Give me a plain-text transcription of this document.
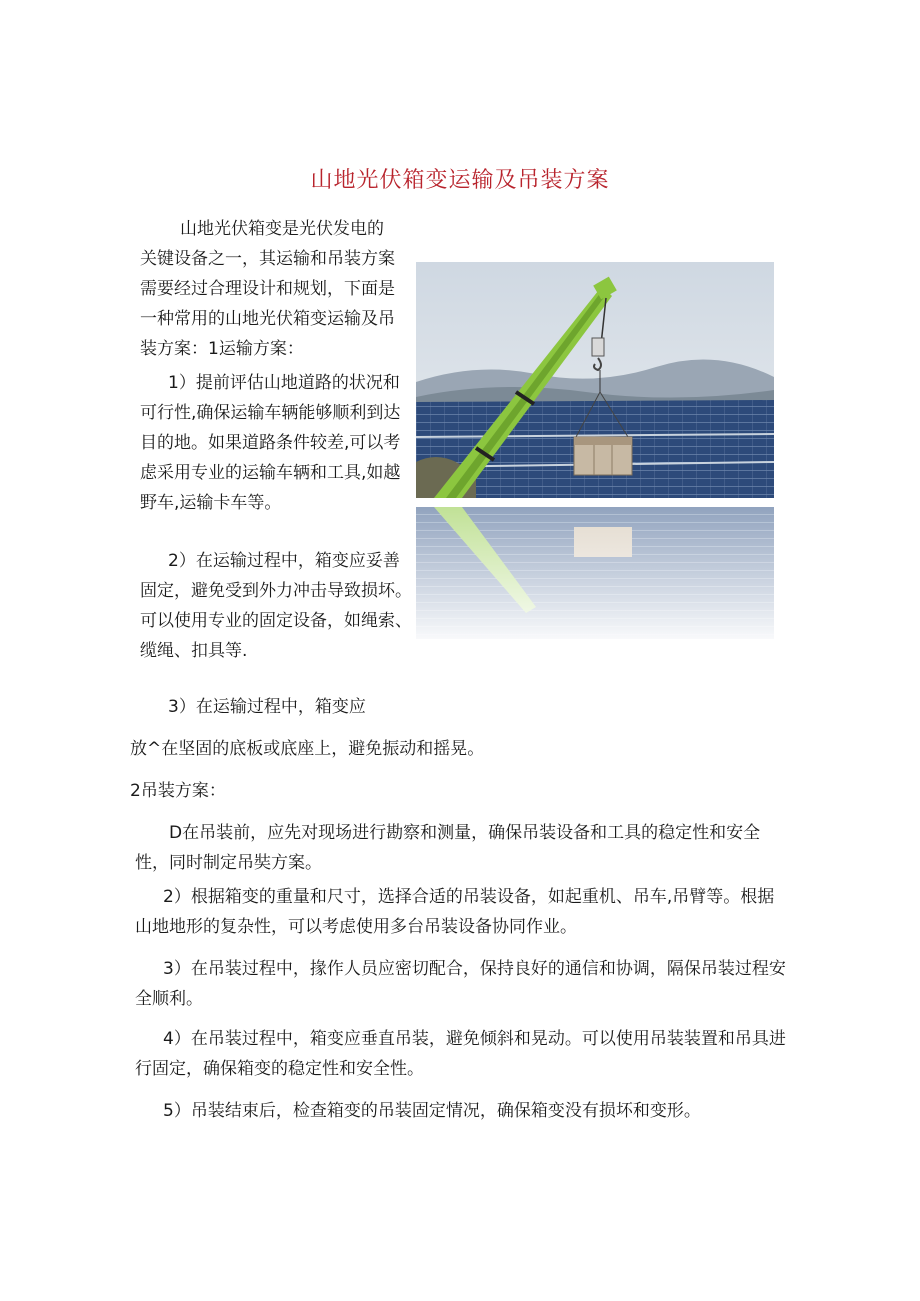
山地光伏箱变运输及吊装方案
山地光伏箱变是光伏发电的
关键设备之一，其运输和吊装方案
需要经过合理设计和规划，下面是
一种常用的山地光伏箱变运输及吊
装方案：1运输方案：
1）提前评估山地道路的状况和
可行性,确保运输车辆能够顺利到达
目的地。如果道路条件较差,可以考
虑采用专业的运输车辆和工具,如越
野车,运输卡车等。
2）在运输过程中，箱变应妥善
固定，避免受到外力冲击导致损坏。
可以使用专业的固定设备，如绳索、
缆绳、扣具等.
3）在运输过程中，箱变应
放^在坚固的底板或底座上，避免振动和摇晃。
2吊装方案：
D在吊装前，应先对现场进行勘察和测量，确保吊装设备和工具的稳定性和安全性，同时制定吊奘方案。
2）根据箱变的重量和尺寸，选择合适的吊装设备，如起重机、吊车,吊臂等。根据山地地形的复杂性，可以考虑使用多台吊装设备协同作业。
3）在吊装过程中，掾作人员应密切配合，保持良好的通信和协调，隔保吊装过程安全顺利。
4）在吊装过程中，箱变应垂直吊装，避免倾斜和晃动。可以使用吊装装置和吊具进行固定，确保箱变的稳定性和安全性。
5）吊装结束后，检查箱变的吊装固定情况，确保箱变没有损坏和变形。
